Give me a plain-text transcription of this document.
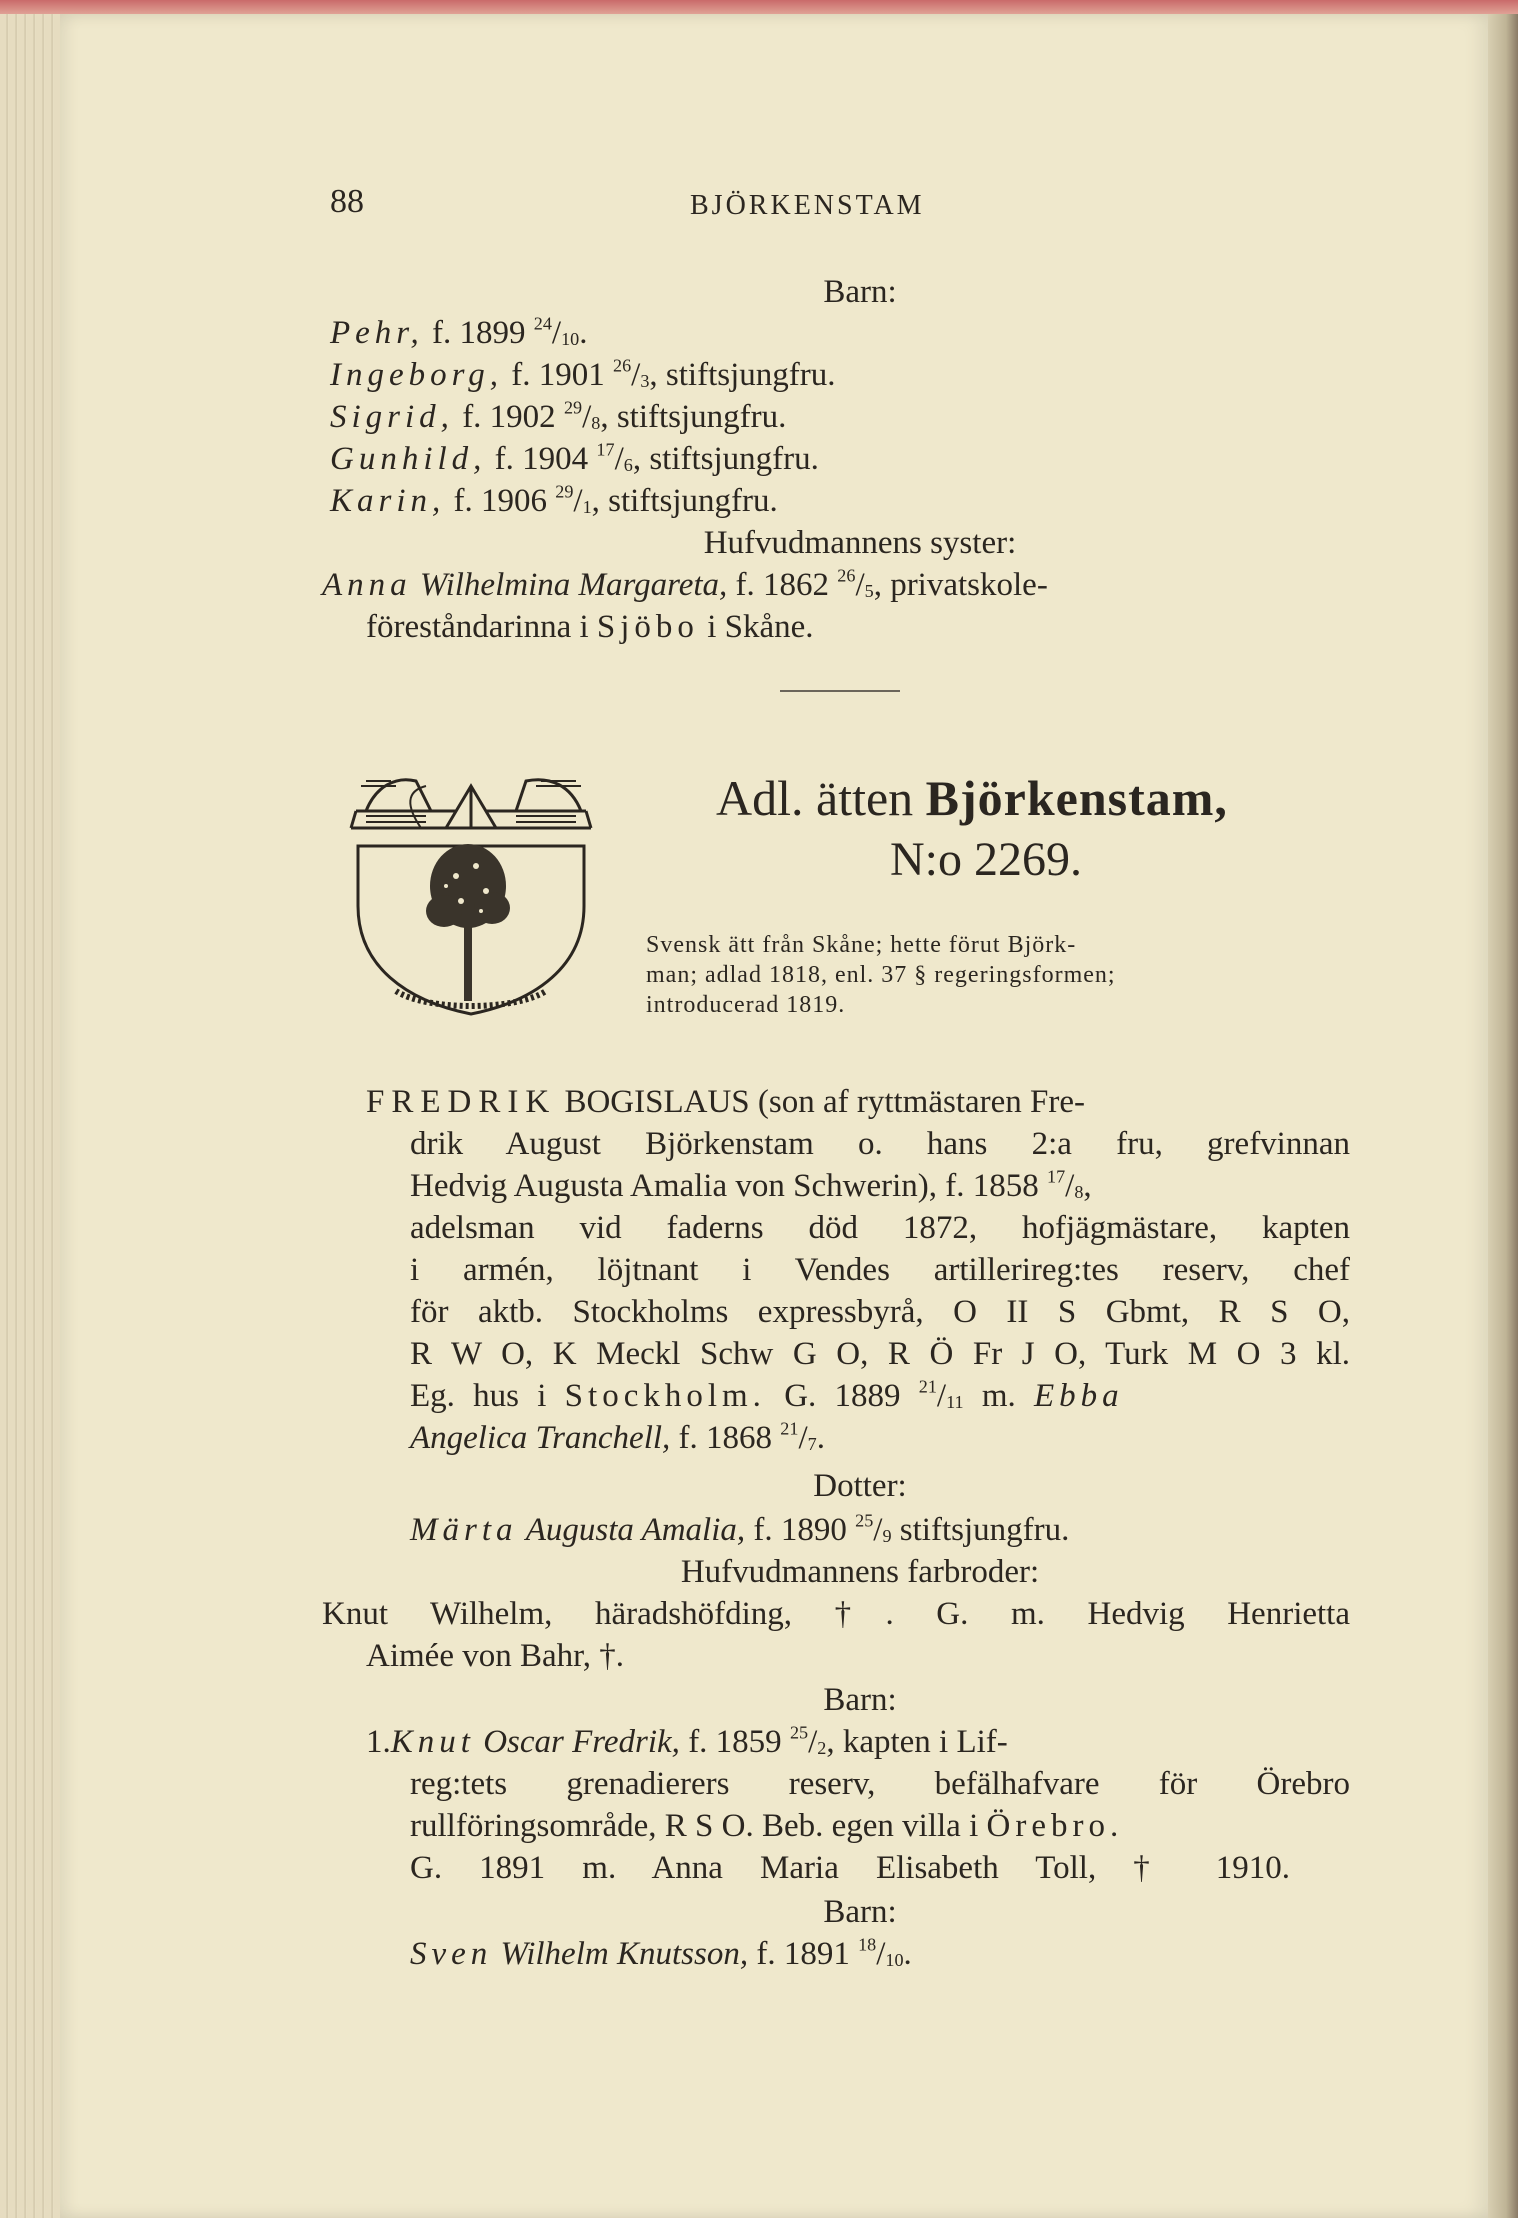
88	BJÖRKENSTAM
Barn:
Pehr, f. 1899 $^{24}/_{10}$.
Ingeborg, f. 1901 $^{26}/_3$, stiftsjungfru.
Sigrid, f. 1902 $^{29}/_8$, stiftsjungfru.
Gunhild, f. 1904 $^{17}/_6$, stiftsjungfru.
Karin, f. 1906 $^{29}/_1$, stiftsjungfru.
Hufvudmannens syster:
Anna Wilhelmina Margareta, f. 1862 $^{26}/_5$, privatskole-
föreståndarinna i Sjöbo i Skåne.
Adl. ätten Björkenstam,
N:o 2269.
Svensk ätt från Skåne; hette förut Björk-
man; adlad 1818, enl. 37 § regeringsformen;
introducerad 1819.
FREDRIK BOGISLAUS (son af ryttmästaren Fre-
drik August Björkenstam o. hans 2:a fru, grefvinnan
Hedvig Augusta Amalia von Schwerin), f. 1858 $^{17}/_8$,
adelsman vid faderns död 1872, hofjägmästare, kapten
i armén, löjtnant i Vendes artillerireg:tes reserv, chef
för aktb. Stockholms expressbyrå, O II S Gbmt, R S O,
R W O, K Meckl Schw G O, R Ö Fr J O, Turk M O 3 kl.
Eg. hus i Stockholm. G. 1889 $^{21}/_{11}$ m. Ebba
Angelica Tranchell, f. 1868 $^{21}/_7$.
Dotter:
Märta Augusta Amalia, f. 1890 $^{25}/_9$ stiftsjungfru.
Hufvudmannens farbroder:
Knut Wilhelm, häradshöfding, †. G. m. Hedvig Henrietta
Aimée von Bahr, †.
Barn:
1.Knut Oscar Fredrik, f. 1859 $^{25}/_2$, kapten i Lif-
reg:tets grenadierers reserv, befälhafvare för Örebro
rullföringsområde, R S O. Beb. egen villa i Örebro.
G. 1891 m. Anna Maria Elisabeth Toll, † 1910.
Barn:
Sven Wilhelm Knutsson, f. 1891 $^{18}/_{10}$.
